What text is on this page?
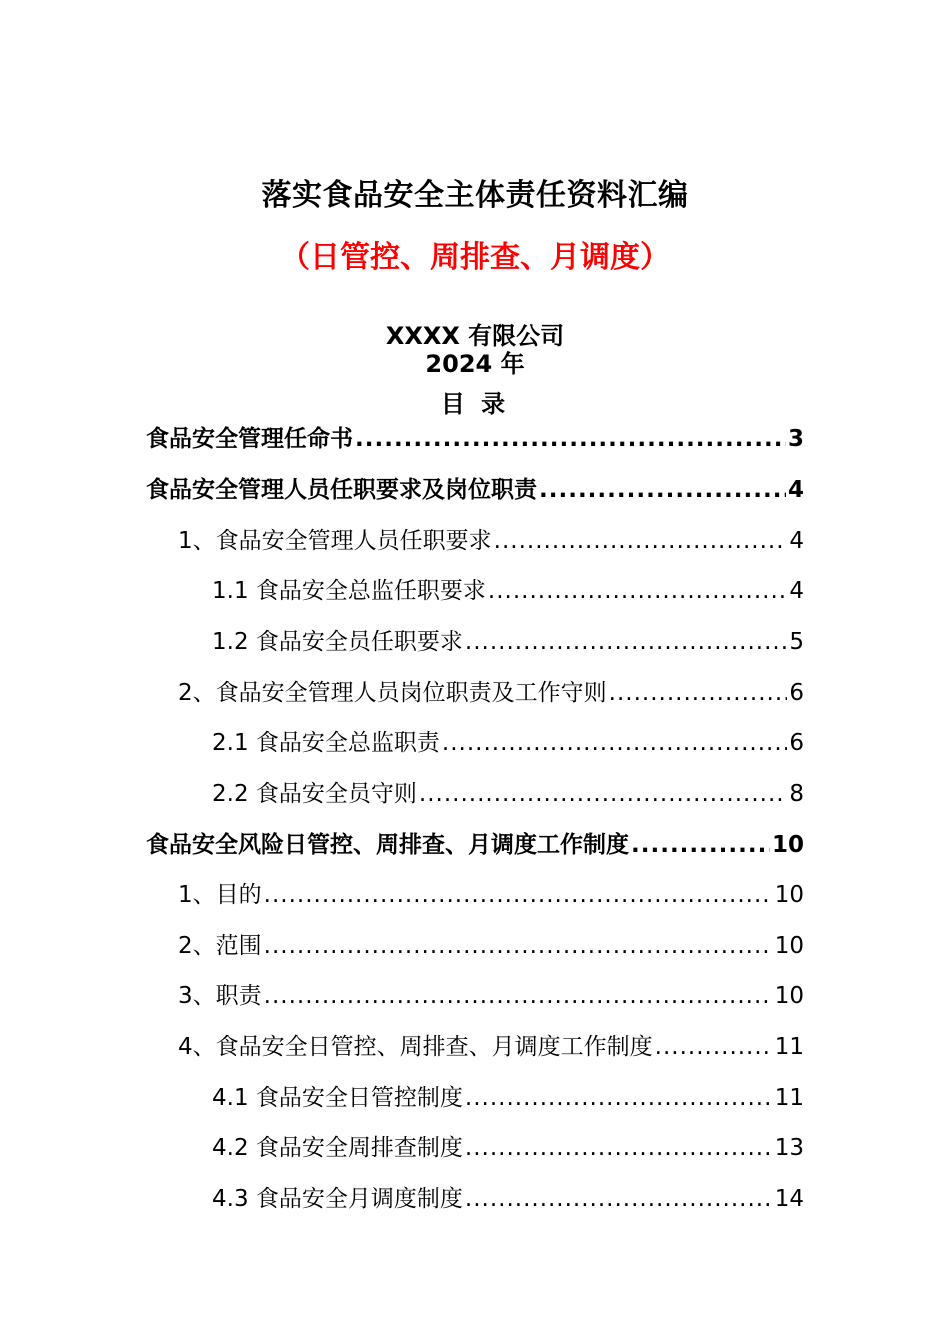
落实食品安全主体责任资料汇编
（日管控、周排查、月调度）
XXXX 有限公司
2024 年
目 录
食品安全管理任命书 .....	3
食品安全管理人员任职要求及岗位职责 .....	4
1、食品安全管理人员任职要求 .....	4
1.1 食品安全总监任职要求 .....	4
1.2 食品安全员任职要求 .....	5
2、食品安全管理人员岗位职责及工作守则 .....	6
2.1 食品安全总监职责 .....	6
2.2 食品安全员守则 .....	8
食品安全风险日管控、周排查、月调度工作制度 .....	10
1、目的 .....	10
2、范围 .....	10
3、职责 .....	10
4、食品安全日管控、周排查、月调度工作制度 .....	11
4.1 食品安全日管控制度 .....	11
4.2 食品安全周排查制度 .....	13
4.3 食品安全月调度制度 .....	14
